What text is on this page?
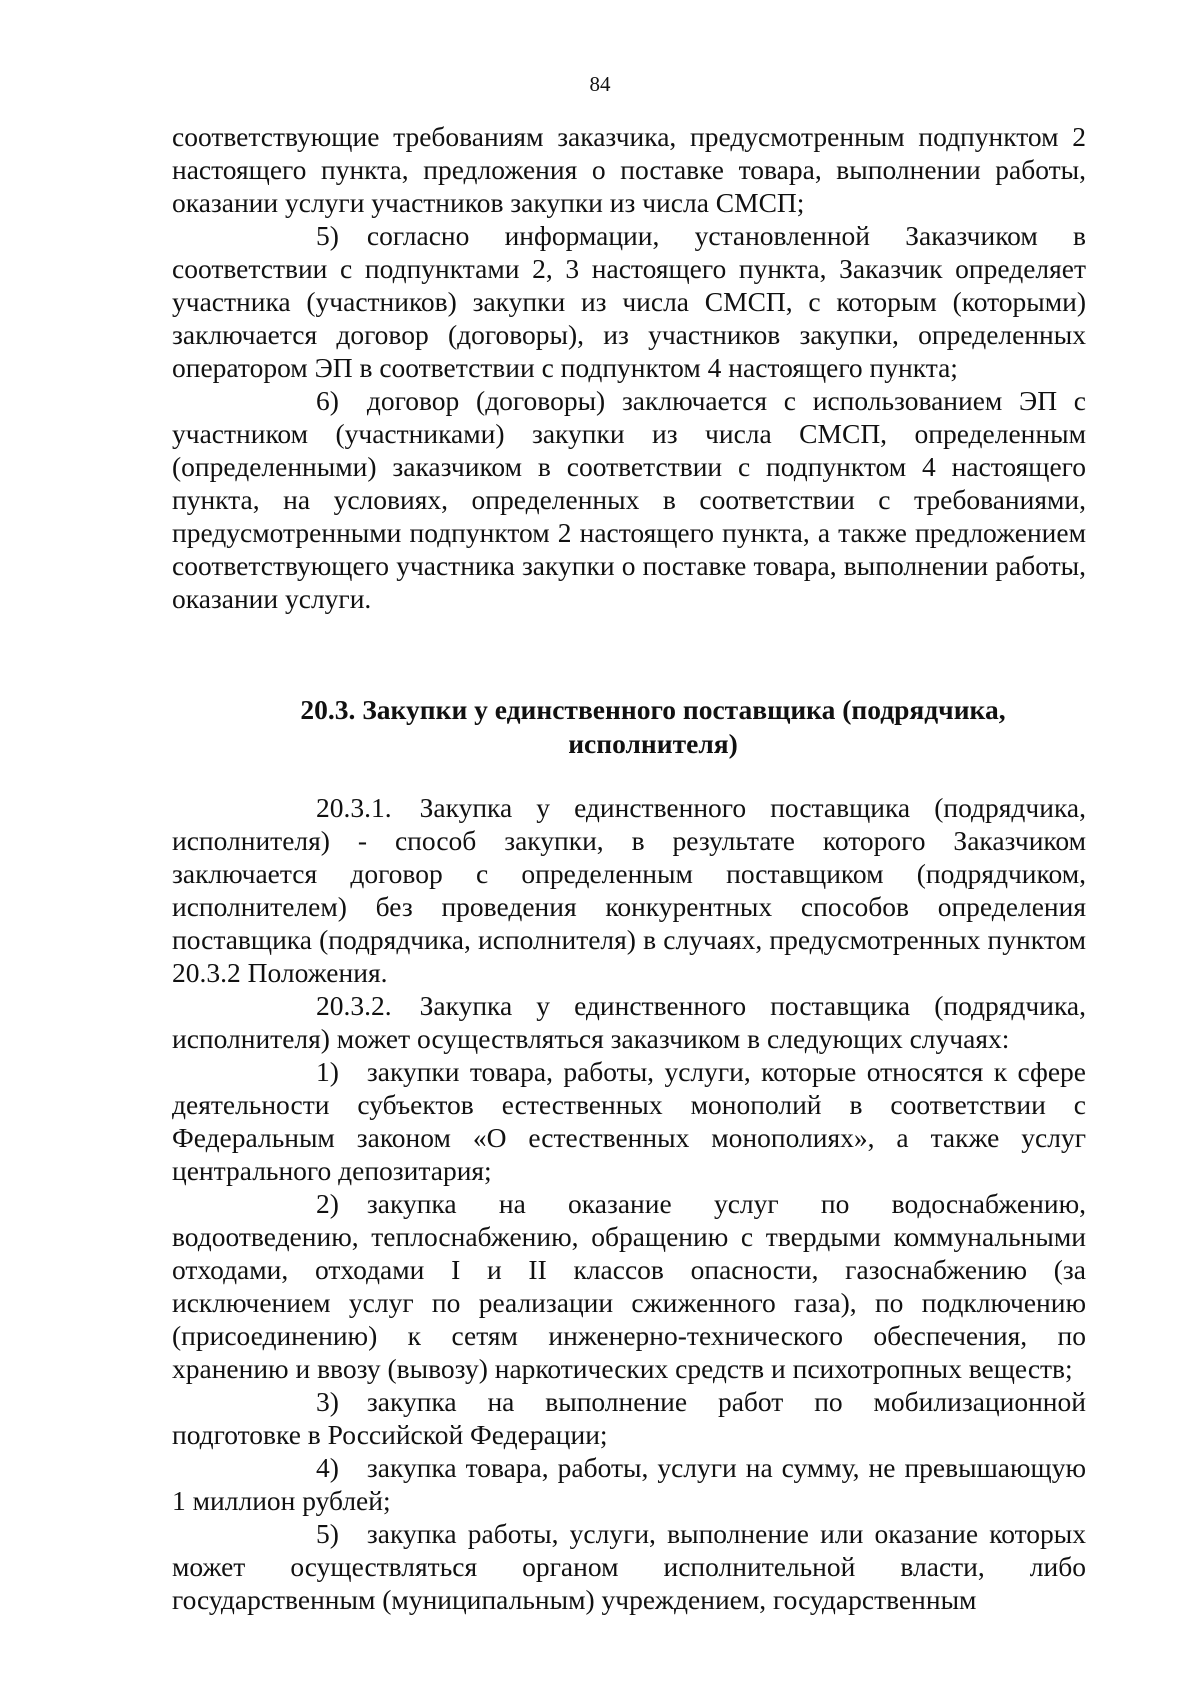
84

соответствующие требованиям заказчика, предусмотренным подпунктом 2 настоящего пункта, предложения о поставке товара, выполнении работы, оказании услуги участников закупки из числа СМСП;

5) согласно информации, установленной Заказчиком в соответствии с подпунктами 2, 3 настоящего пункта, Заказчик определяет участника (участников) закупки из числа СМСП, с которым (которыми) заключается договор (договоры), из участников закупки, определенных оператором ЭП в соответствии с подпунктом 4 настоящего пункта;

6) договор (договоры) заключается с использованием ЭП с участником (участниками) закупки из числа СМСП, определенным (определенными) заказчиком в соответствии с подпунктом 4 настоящего пункта, на условиях, определенных в соответствии с требованиями, предусмотренными подпунктом 2 настоящего пункта, а также предложением соответствующего участника закупки о поставке товара, выполнении работы, оказании услуги.

20.3. Закупки у единственного поставщика (подрядчика,
исполнителя)

20.3.1. Закупка у единственного поставщика (подрядчика, исполнителя) - способ закупки, в результате которого Заказчиком заключается договор с определенным поставщиком (подрядчиком, исполнителем) без проведения конкурентных способов определения поставщика (подрядчика, исполнителя) в случаях, предусмотренных пунктом 20.3.2 Положения.

20.3.2. Закупка у единственного поставщика (подрядчика, исполнителя) может осуществляться заказчиком в следующих случаях:

1) закупки товара, работы, услуги, которые относятся к сфере деятельности субъектов естественных монополий в соответствии с Федеральным законом «О естественных монополиях», а также услуг центрального депозитария;

2) закупка на оказание услуг по водоснабжению, водоотведению, теплоснабжению, обращению с твердыми коммунальными отходами, отходами I и II классов опасности, газоснабжению (за исключением услуг по реализации сжиженного газа), по подключению (присоединению) к сетям инженерно-технического обеспечения, по хранению и ввозу (вывозу) наркотических средств и психотропных веществ;

3) закупка на выполнение работ по мобилизационной подготовке в Российской Федерации;

4) закупка товара, работы, услуги на сумму, не превышающую 1 миллион рублей;

5) закупка работы, услуги, выполнение или оказание которых может осуществляться органом исполнительной власти, либо государственным (муниципальным) учреждением, государственным
